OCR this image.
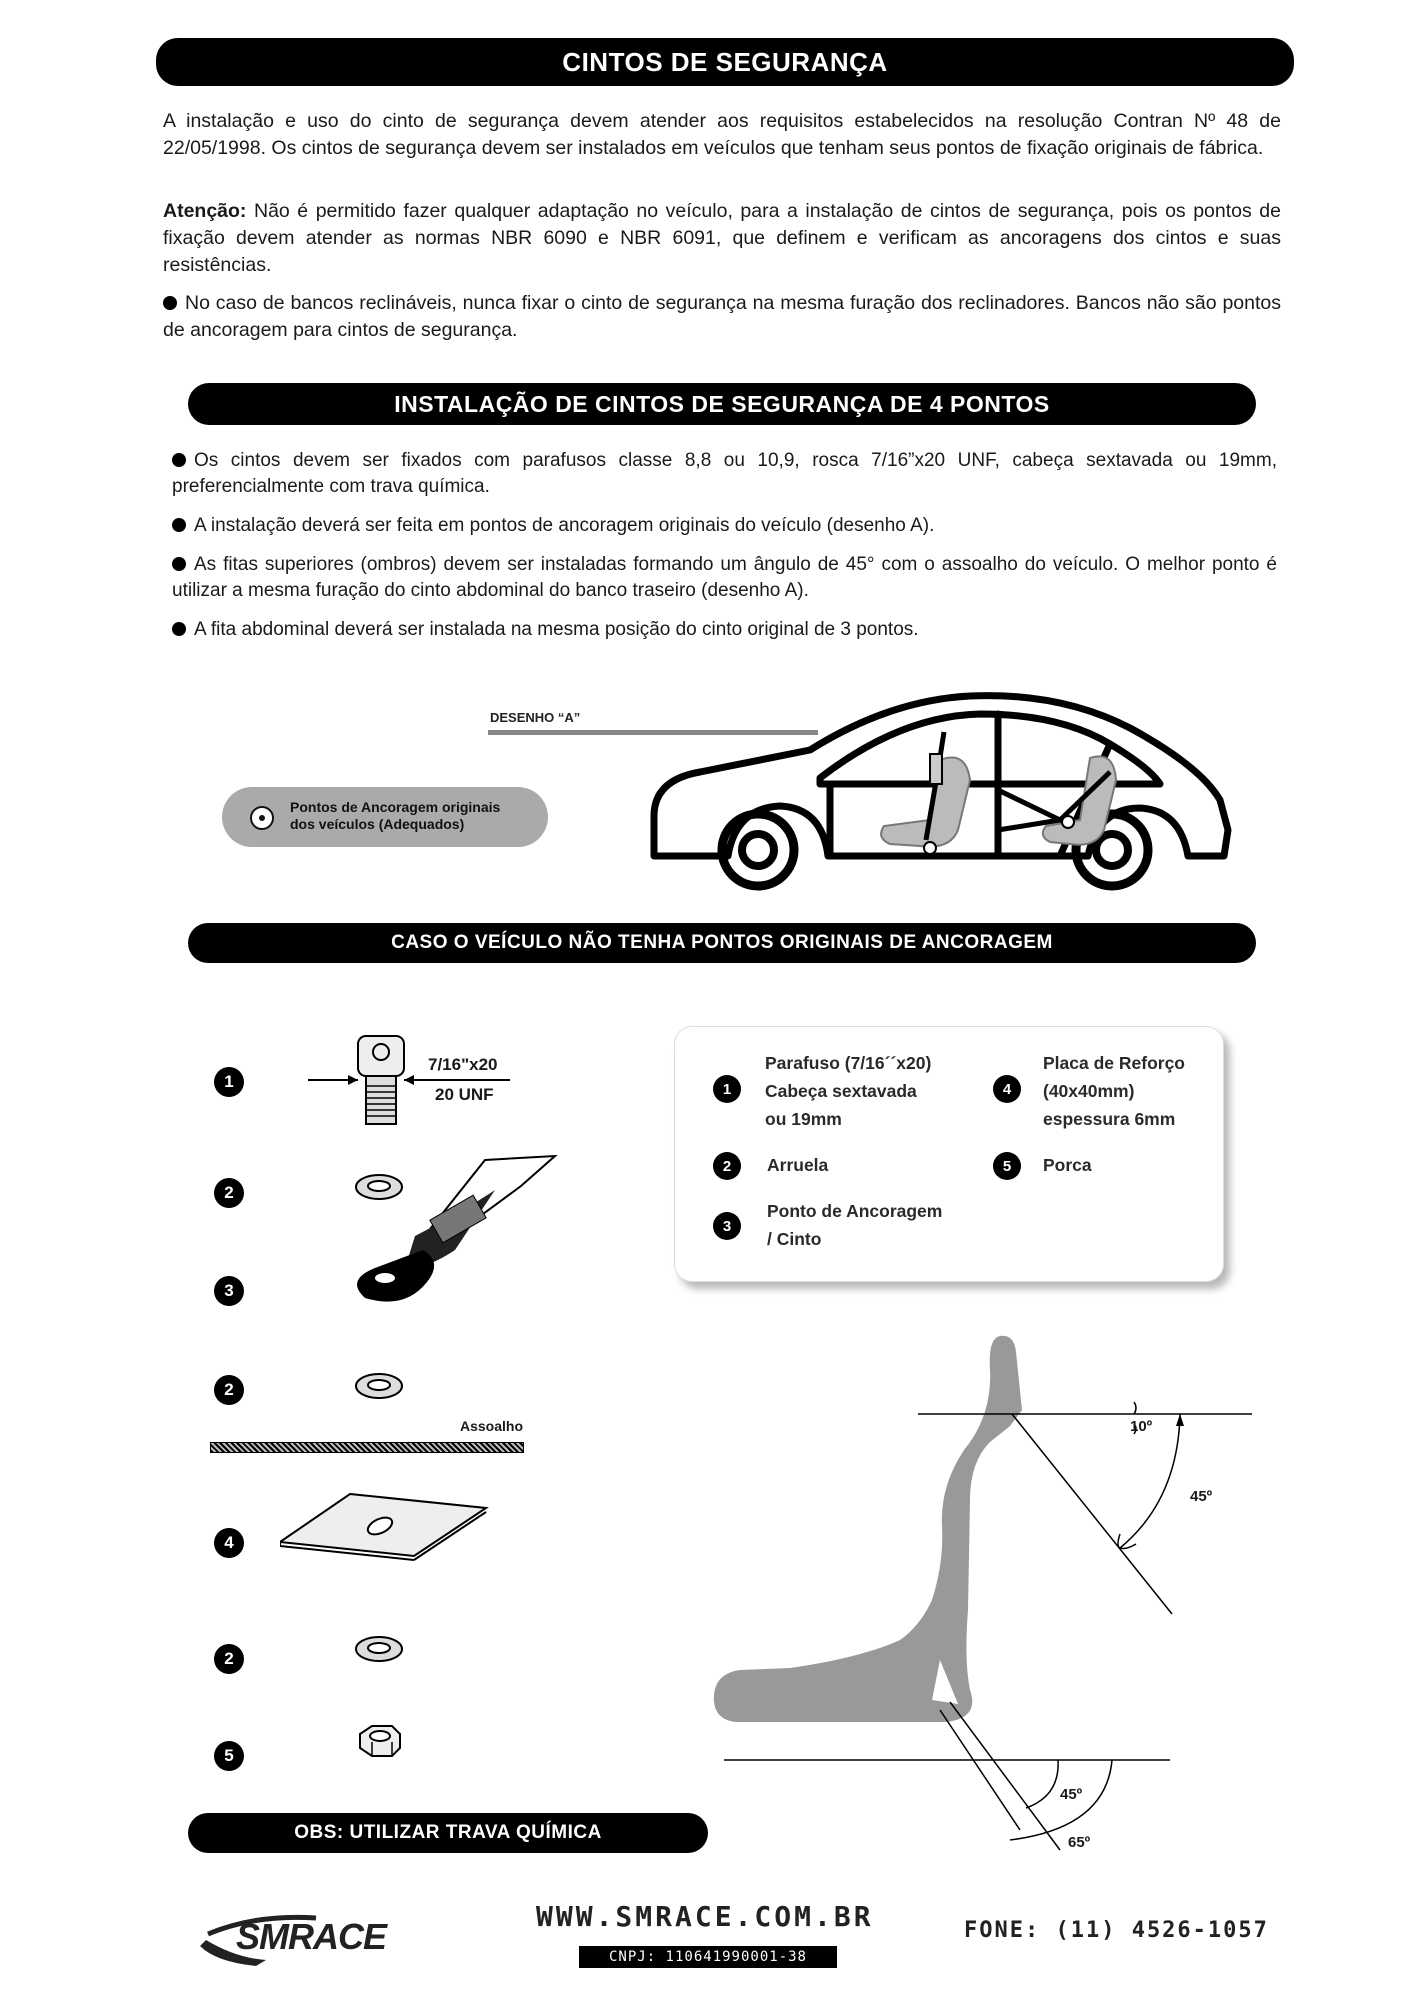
CINTOS DE SEGURANÇA
A instalação e uso do cinto de segurança devem atender aos requisitos estabelecidos na resolução Contran Nº 48 de 22/05/1998. Os cintos de segurança devem ser instalados em veículos que tenham seus pontos de fixação originais de fábrica.
Atenção: Não é permitido fazer qualquer adaptação no veículo, para a instalação de cintos de segurança, pois os pontos de fixação devem atender as normas NBR 6090 e NBR 6091, que definem e verificam as ancoragens dos cintos e suas resistências.
No caso de bancos reclináveis, nunca fixar o cinto de segurança na mesma furação dos reclinadores. Bancos não são pontos de ancoragem para cintos de segurança.
INSTALAÇÃO DE CINTOS DE SEGURANÇA DE 4 PONTOS
Os cintos devem ser fixados com parafusos classe 8,8 ou 10,9, rosca 7/16”x20 UNF, cabeça sextavada ou 19mm, preferencialmente com trava química.
A instalação deverá ser feita em pontos de ancoragem originais do veículo (desenho A).
As fitas superiores (ombros) devem ser instaladas formando um ângulo de 45° com o assoalho do veículo. O melhor ponto é utilizar a mesma furação do cinto abdominal do banco traseiro (desenho A).
A fita abdominal deverá ser instalada na mesma posição do cinto original de 3 pontos.
DESENHO “A”
Pontos de Ancoragem originais dos veículos (Adequados)
CASO O VEÍCULO NÃO TENHA PONTOS ORIGINAIS DE ANCORAGEM
1
2
3
2
4
2
5
7/16"x20
20 UNF
Assoalho
1
Parafuso (7/16´´x20)
Cabeça sextavada
ou 19mm
2	Arruela
3
Ponto de Ancoragem
/ Cinto
4
Placa de Reforço
(40x40mm)
espessura 6mm
5	Porca
10º
45º
45º
65º
OBS: UTILIZAR TRAVA QUÍMICA
SMRACE	WWW.SMRACE.COM.BR
CNPJ: 110641990001-38
FONE: (11) 4526-1057
